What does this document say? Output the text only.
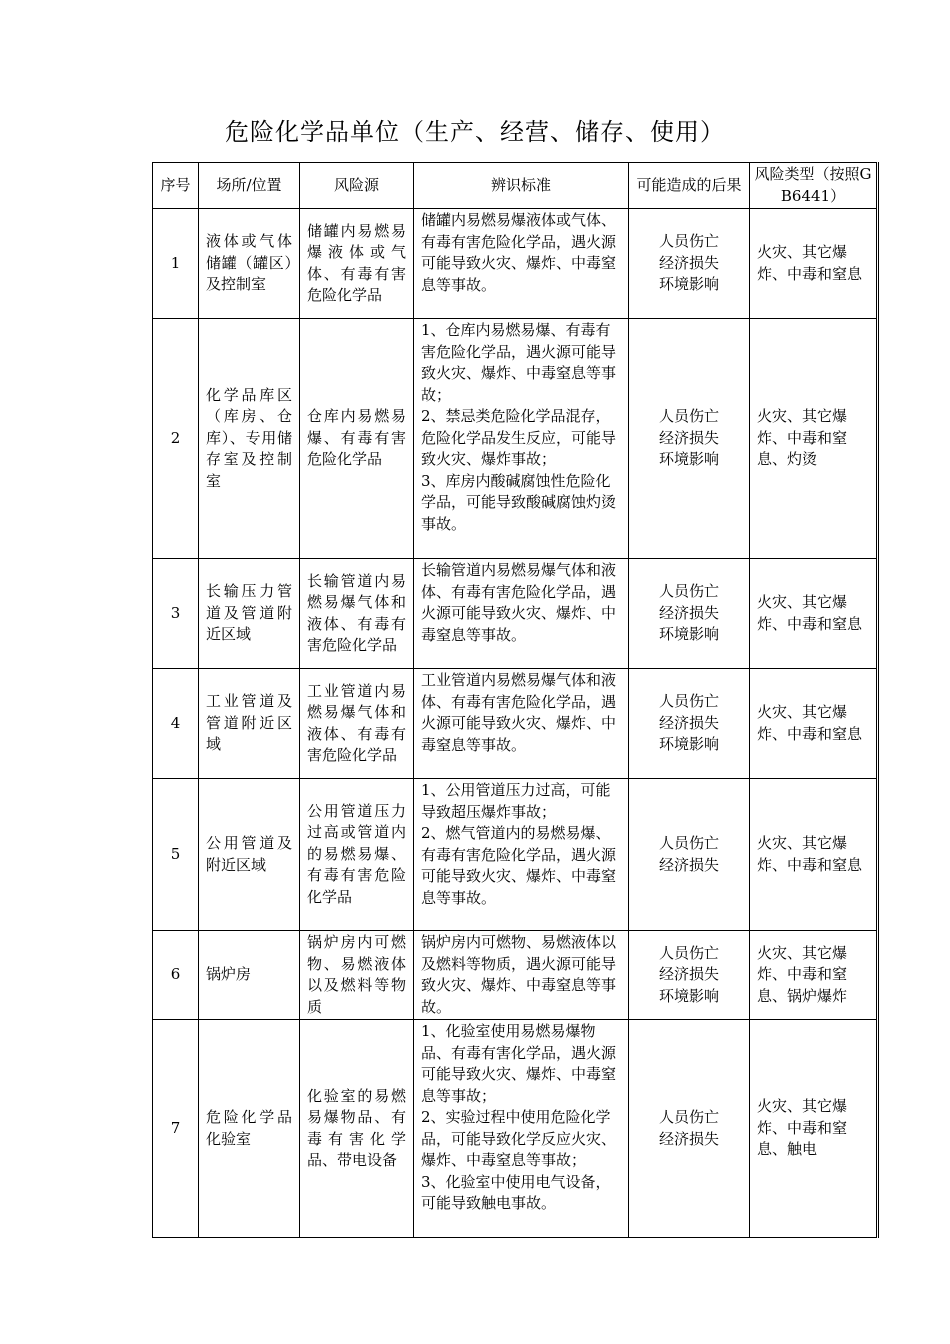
危险化学品单位（生产、经营、储存、使用）
序号	场所/位置	风险源	辨识标准	可能造成的后果	风险类型（按照GB6441）
1	液体或气体储罐（罐区）及控制室	储罐内易燃易爆液体或气体、有毒有害危险化学品	储罐内易燃易爆液体或气体、有毒有害危险化学品，遇火源可能导致火灾、爆炸、中毒窒息等事故。	人员伤亡
经济损失
环境影响	火灾、其它爆炸、中毒和窒息
2	化学品库区（库房、仓库）、专用储存室及控制室	仓库内易燃易爆、有毒有害危险化学品	1、仓库内易燃易爆、有毒有害危险化学品，遇火源可能导致火灾、爆炸、中毒窒息等事故；
2、禁忌类危险化学品混存，危险化学品发生反应，可能导致火灾、爆炸事故；
3、库房内酸碱腐蚀性危险化学品，可能导致酸碱腐蚀灼烫事故。	人员伤亡
经济损失
环境影响	火灾、其它爆炸、中毒和窒息、灼烫
3	长输压力管道及管道附近区域	长输管道内易燃易爆气体和液体、有毒有害危险化学品	长输管道内易燃易爆气体和液体、有毒有害危险化学品，遇火源可能导致火灾、爆炸、中毒窒息等事故。	人员伤亡
经济损失
环境影响	火灾、其它爆炸、中毒和窒息
4	工业管道及管道附近区域	工业管道内易燃易爆气体和液体、有毒有害危险化学品	工业管道内易燃易爆气体和液体、有毒有害危险化学品，遇火源可能导致火灾、爆炸、中毒窒息等事故。	人员伤亡
经济损失
环境影响	火灾、其它爆炸、中毒和窒息
5	公用管道及附近区域	公用管道压力过高或管道内的易燃易爆、有毒有害危险化学品	1、公用管道压力过高，可能导致超压爆炸事故；
2、燃气管道内的易燃易爆、有毒有害危险化学品，遇火源可能导致火灾、爆炸、中毒窒息等事故。	人员伤亡
经济损失	火灾、其它爆炸、中毒和窒息
6	锅炉房	锅炉房内可燃物、易燃液体以及燃料等物质	锅炉房内可燃物、易燃液体以及燃料等物质，遇火源可能导致火灾、爆炸、中毒窒息等事故。	人员伤亡
经济损失
环境影响	火灾、其它爆炸、中毒和窒息、锅炉爆炸
7	危险化学品化验室	化验室的易燃易爆物品、有毒有害化学品、带电设备	1、化验室使用易燃易爆物品、有毒有害化学品，遇火源可能导致火灾、爆炸、中毒窒息等事故；
2、实验过程中使用危险化学品，可能导致化学反应火灾、爆炸、中毒窒息等事故；
3、化验室中使用电气设备，可能导致触电事故。	人员伤亡
经济损失	火灾、其它爆炸、中毒和窒息、触电
